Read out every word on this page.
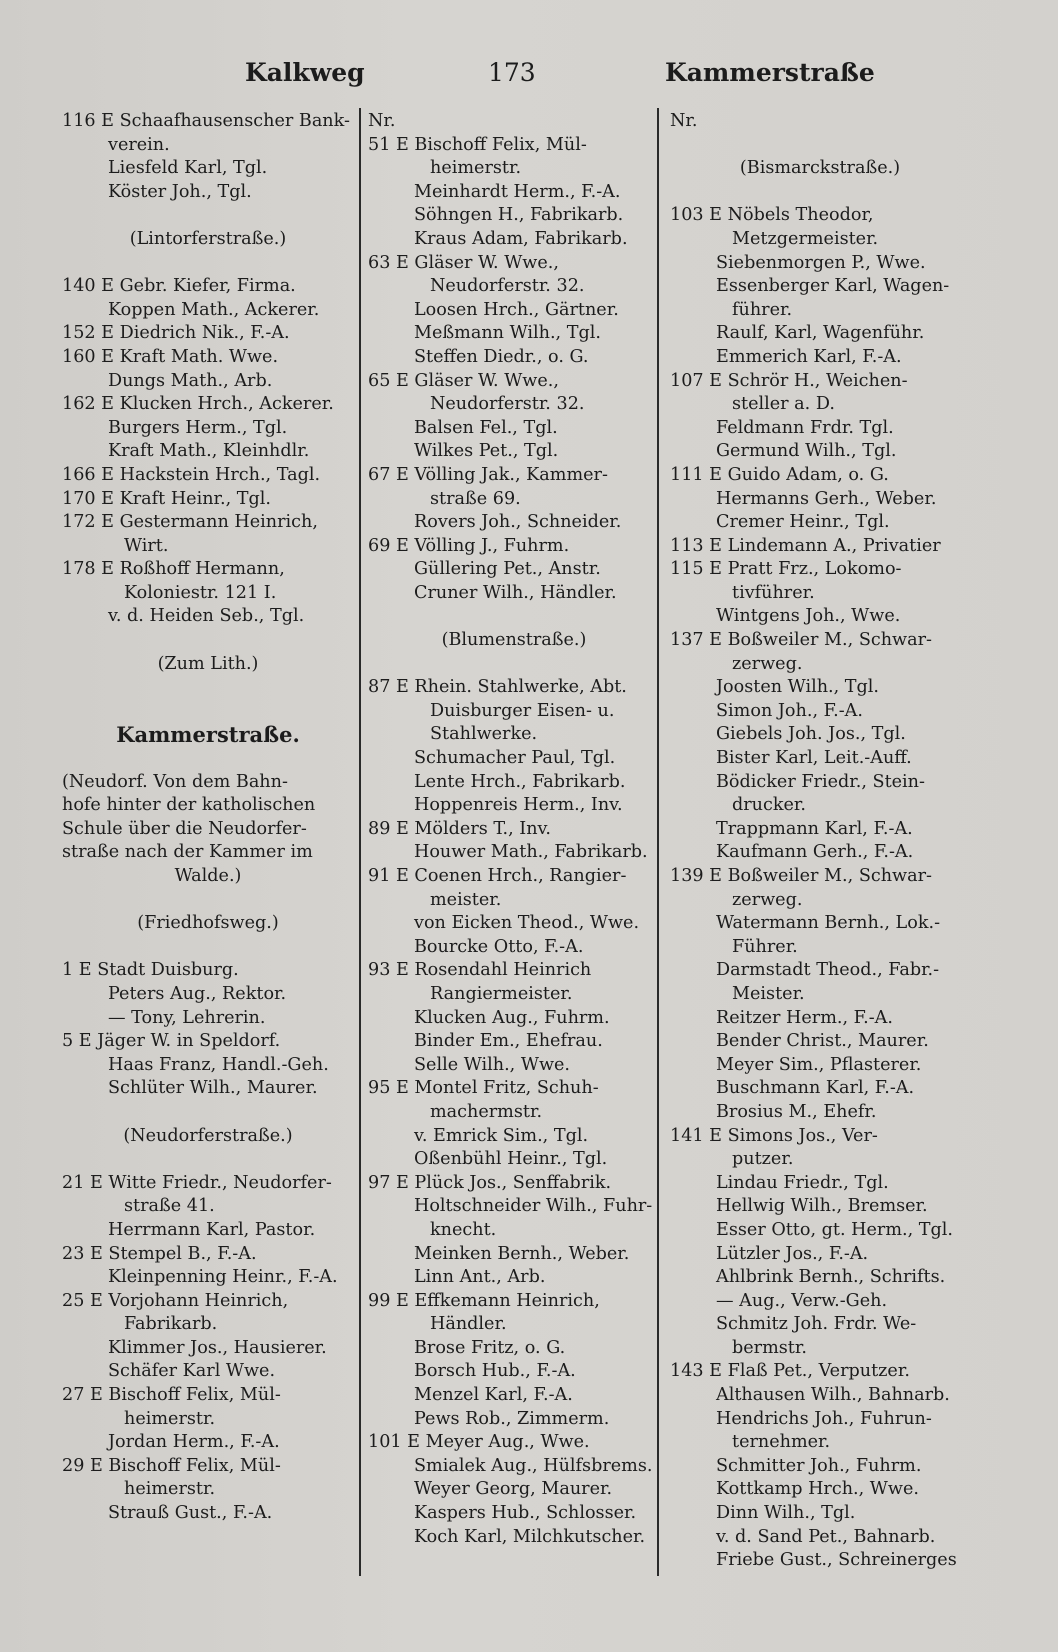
Kalkweg	173	Kammerstraße
116 E Schaafhausenscher Bank-
verein.
Liesfeld Karl, Tgl.
Köster Joh., Tgl.
(Lintorferstraße.)
140 E Gebr. Kiefer, Firma.
Koppen Math., Ackerer.
152 E Diedrich Nik., F.-A.
160 E Kraft Math. Wwe.
Dungs Math., Arb.
162 E Klucken Hrch., Ackerer.
Burgers Herm., Tgl.
Kraft Math., Kleinhdlr.
166 E Hackstein Hrch., Tagl.
170 E Kraft Heinr., Tgl.
172 E Gestermann Heinrich,
Wirt.
178 E Roßhoff Hermann,
Koloniestr. 121 I.
v. d. Heiden Seb., Tgl.
(Zum Lith.)
Kammerstraße.
(Neudorf. Von dem Bahn-
hofe hinter der katholischen
Schule über die Neudorfer-
straße nach der Kammer im
Walde.)
(Friedhofsweg.)
1 E Stadt Duisburg.
Peters Aug., Rektor.
— Tony, Lehrerin.
5 E Jäger W. in Speldorf.
Haas Franz, Handl.-Geh.
Schlüter Wilh., Maurer.
(Neudorferstraße.)
21 E Witte Friedr., Neudorfer-
straße 41.
Herrmann Karl, Pastor.
23 E Stempel B., F.-A.
Kleinpenning Heinr., F.-A.
25 E Vorjohann Heinrich,
Fabrikarb.
Klimmer Jos., Hausierer.
Schäfer Karl Wwe.
27 E Bischoff Felix, Mül-
heimerstr.
Jordan Herm., F.-A.
29 E Bischoff Felix, Mül-
heimerstr.
Strauß Gust., F.-A.
Nr.
51 E Bischoff Felix, Mül-
heimerstr.
Meinhardt Herm., F.-A.
Söhngen H., Fabrikarb.
Kraus Adam, Fabrikarb.
63 E Gläser W. Wwe.,
Neudorferstr. 32.
Loosen Hrch., Gärtner.
Meßmann Wilh., Tgl.
Steffen Diedr., o. G.
65 E Gläser W. Wwe.,
Neudorferstr. 32.
Balsen Fel., Tgl.
Wilkes Pet., Tgl.
67 E Völling Jak., Kammer-
straße 69.
Rovers Joh., Schneider.
69 E Völling J., Fuhrm.
Güllering Pet., Anstr.
Cruner Wilh., Händler.
(Blumenstraße.)
87 E Rhein. Stahlwerke, Abt.
Duisburger Eisen- u.
Stahlwerke.
Schumacher Paul, Tgl.
Lente Hrch., Fabrikarb.
Hoppenreis Herm., Inv.
89 E Mölders T., Inv.
Houwer Math., Fabrikarb.
91 E Coenen Hrch., Rangier-
meister.
von Eicken Theod., Wwe.
Bourcke Otto, F.-A.
93 E Rosendahl Heinrich
Rangiermeister.
Klucken Aug., Fuhrm.
Binder Em., Ehefrau.
Selle Wilh., Wwe.
95 E Montel Fritz, Schuh-
machermstr.
v. Emrick Sim., Tgl.
Oßenbühl Heinr., Tgl.
97 E Plück Jos., Senffabrik.
Holtschneider Wilh., Fuhr-
knecht.
Meinken Bernh., Weber.
Linn Ant., Arb.
99 E Effkemann Heinrich,
Händler.
Brose Fritz, o. G.
Borsch Hub., F.-A.
Menzel Karl, F.-A.
Pews Rob., Zimmerm.
101 E Meyer Aug., Wwe.
Smialek Aug., Hülfsbrems.
Weyer Georg, Maurer.
Kaspers Hub., Schlosser.
Koch Karl, Milchkutscher.
Nr.
(Bismarckstraße.)
103 E Nöbels Theodor,
Metzgermeister.
Siebenmorgen P., Wwe.
Essenberger Karl, Wagen-
führer.
Raulf, Karl, Wagenführ.
Emmerich Karl, F.-A.
107 E Schrör H., Weichen-
steller a. D.
Feldmann Frdr. Tgl.
Germund Wilh., Tgl.
111 E Guido Adam, o. G.
Hermanns Gerh., Weber.
Cremer Heinr., Tgl.
113 E Lindemann A., Privatier
115 E Pratt Frz., Lokomo-
tivführer.
Wintgens Joh., Wwe.
137 E Boßweiler M., Schwar-
zerweg.
Joosten Wilh., Tgl.
Simon Joh., F.-A.
Giebels Joh. Jos., Tgl.
Bister Karl, Leit.-Auff.
Bödicker Friedr., Stein-
drucker.
Trappmann Karl, F.-A.
Kaufmann Gerh., F.-A.
139 E Boßweiler M., Schwar-
zerweg.
Watermann Bernh., Lok.-
Führer.
Darmstadt Theod., Fabr.-
Meister.
Reitzer Herm., F.-A.
Bender Christ., Maurer.
Meyer Sim., Pflasterer.
Buschmann Karl, F.-A.
Brosius M., Ehefr.
141 E Simons Jos., Ver-
putzer.
Lindau Friedr., Tgl.
Hellwig Wilh., Bremser.
Esser Otto, gt. Herm., Tgl.
Lützler Jos., F.-A.
Ahlbrink Bernh., Schrifts.
— Aug., Verw.-Geh.
Schmitz Joh. Frdr. We-
bermstr.
143 E Flaß Pet., Verputzer.
Althausen Wilh., Bahnarb.
Hendrichs Joh., Fuhrun-
ternehmer.
Schmitter Joh., Fuhrm.
Kottkamp Hrch., Wwe.
Dinn Wilh., Tgl.
v. d. Sand Pet., Bahnarb.
Friebe Gust., Schreinerges
